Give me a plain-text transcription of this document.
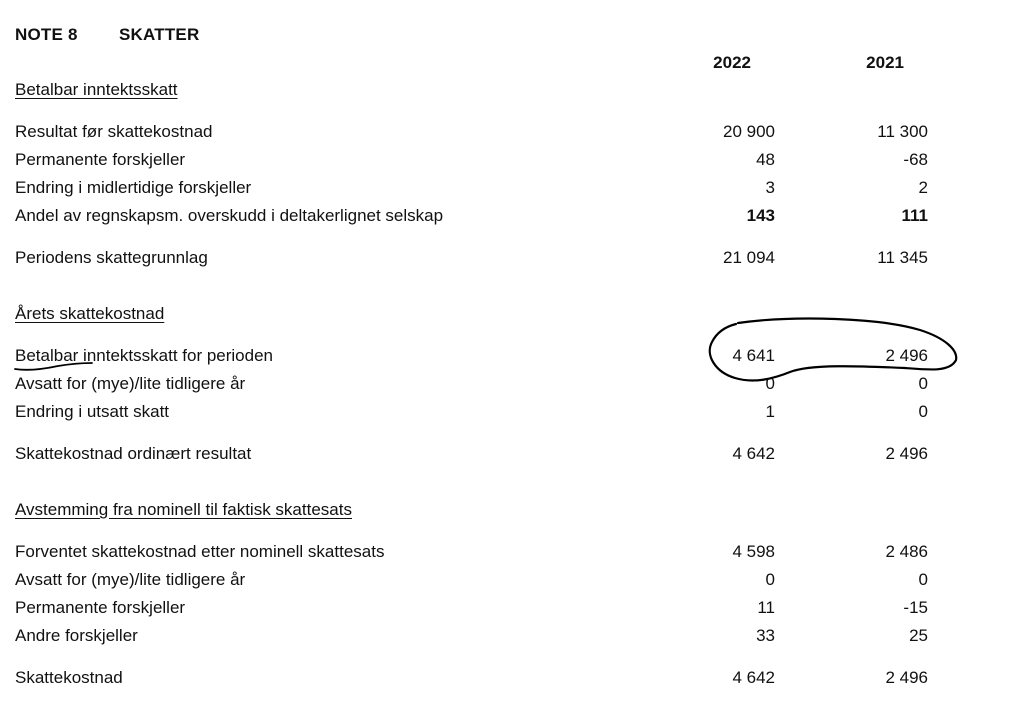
NOTE 8 SKATTER
2022	2021
Betalbar inntektsskatt
Resultat før skattekostnad	20 900	11 300
Permanente forskjeller	48	-68
Endring i midlertidige forskjeller	3	2
Andel av regnskapsm. overskudd i deltakerlignet selskap	143	111
Periodens skattegrunnlag	21 094	11 345
Årets skattekostnad
Betalbar inntektsskatt for perioden	4 641	2 496
Avsatt for (mye)/lite tidligere år	0	0
Endring i utsatt skatt	1	0
Skattekostnad ordinært resultat	4 642	2 496
Avstemming fra nominell til faktisk skattesats
Forventet skattekostnad etter nominell skattesats	4 598	2 486
Avsatt for (mye)/lite tidligere år	0	0
Permanente forskjeller	11	-15
Andre forskjeller	33	25
Skattekostnad	4 642	2 496
